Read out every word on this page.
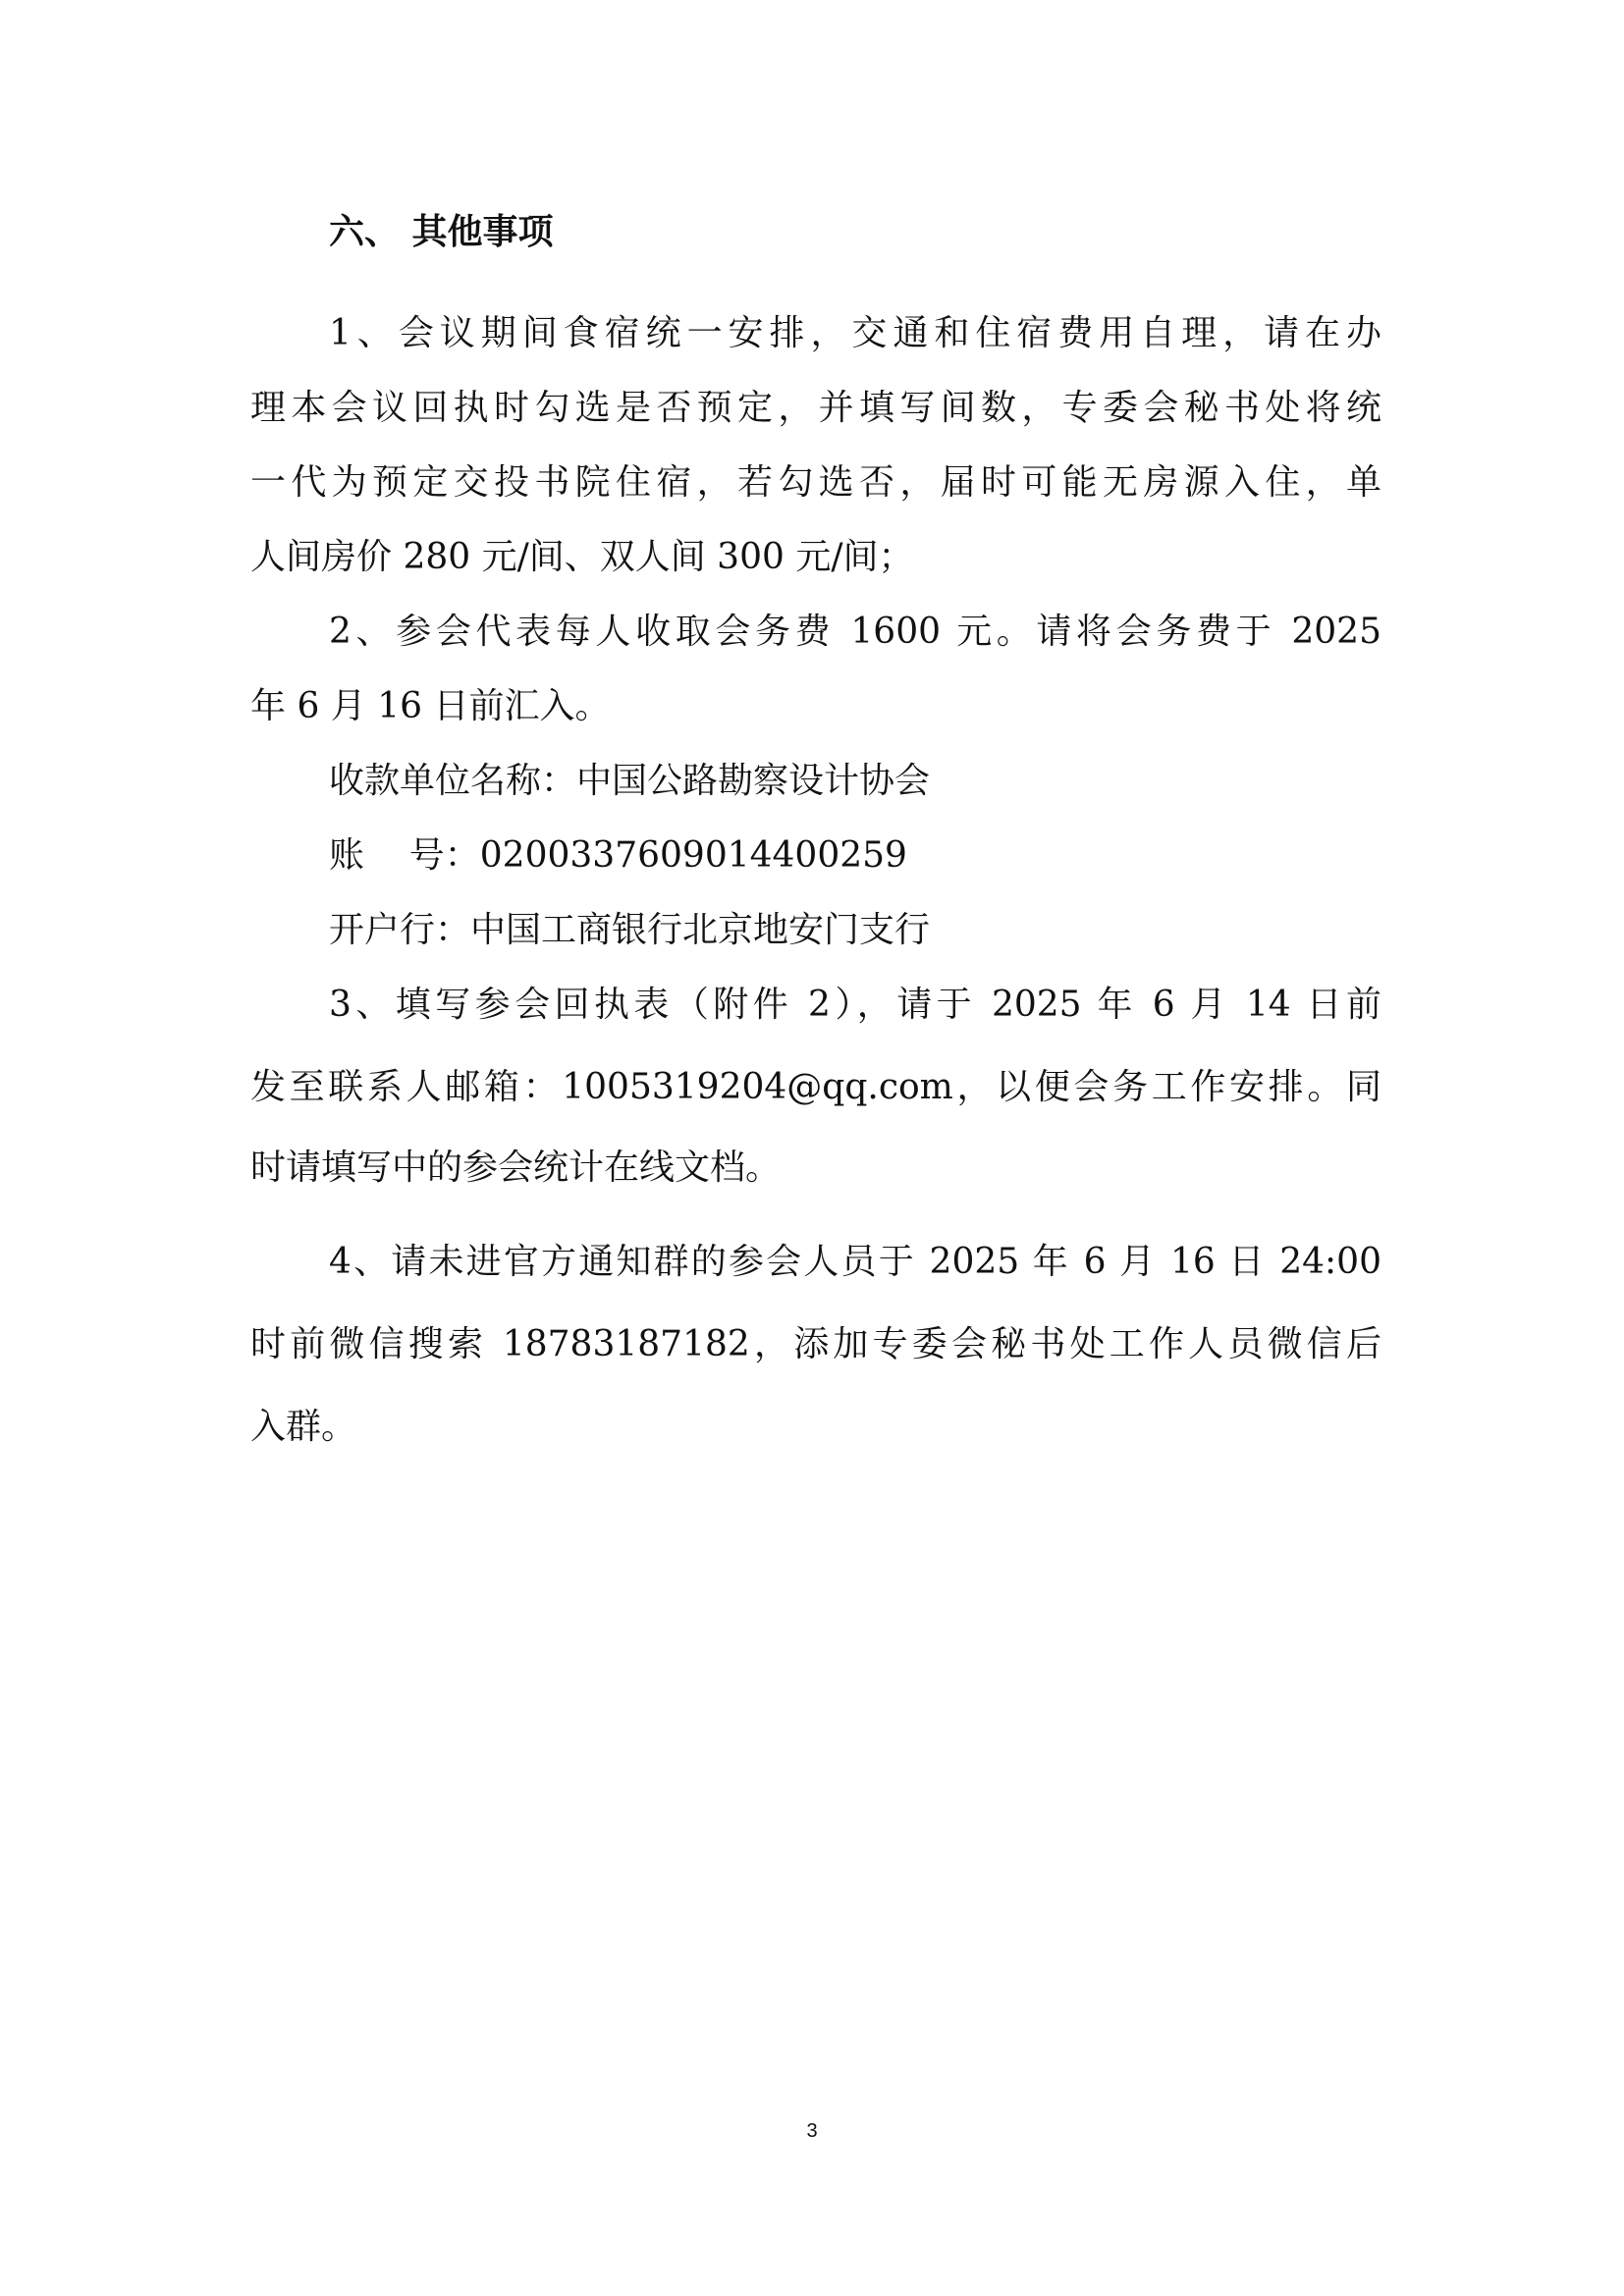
六、 其他事项
1、会议期间食宿统一安排，交通和住宿费用自理，请在办
理本会议回执时勾选是否预定，并填写间数，专委会秘书处将统
一代为预定交投书院住宿，若勾选否，届时可能无房源入住，单
人间房价 280 元/间、双人间 300 元/间；
2、参会代表每人收取会务费 1600 元。请将会务费于 2025
年 6 月 16 日前汇入。
收款单位名称：中国公路勘察设计协会
账    号：0200337609014400259
开户行：中国工商银行北京地安门支行
3、填写参会回执表（附件 2），请于 2025 年 6 月 14 日前
发至联系人邮箱：1005319204@qq.com，以便会务工作安排。同
时请填写中的参会统计在线文档。
4、请未进官方通知群的参会人员于 2025 年 6 月 16 日 24:00
时前微信搜索 18783187182，添加专委会秘书处工作人员微信后
入群。
3
